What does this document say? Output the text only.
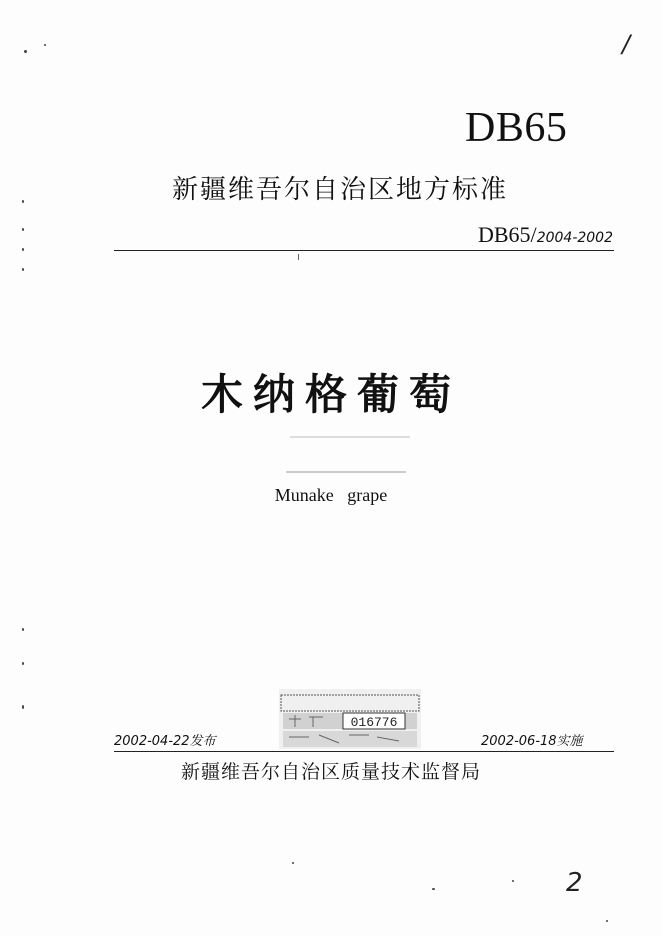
/
DB65
新疆维吾尔自治区地方标准
DB65/2004-2002
木纳格葡萄
Munake   grape
016776
2002-04-22发布	2002-06-18实施
新疆维吾尔自治区质量技术监督局
2
